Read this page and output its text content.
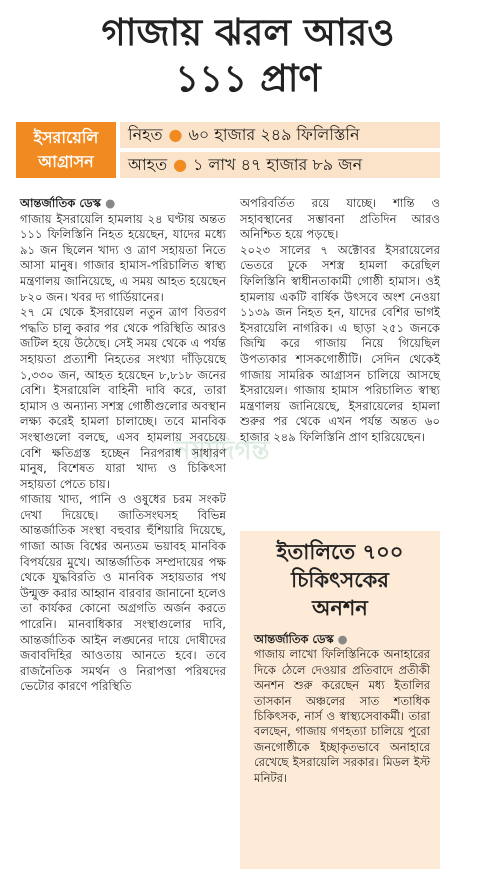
গাজায় ঝরল আরও
১১১ প্রাণ
ইসরায়েলি
আগ্রাসন
নিহত ● ৬০ হাজার ২৪৯ ফিলিস্তিনি
আহত ● ১ লাখ ৪৭ হাজার ৮৯ জন
নয়াদিগন্ত

আন্তর্জাতিক ডেস্ক ●

গাজায় ইসরায়েলি হামলায় ২৪ ঘণ্টায় অন্তত ১১১ ফিলিস্তিনি নিহত হয়েছেন, যাদের মধ্যে ৯১ জন ছিলেন খাদ্য ও ত্রাণ সহায়তা নিতে আসা মানুষ। গাজার হামাস-পরিচালিত স্বাস্থ্য মন্ত্রণালয় জানিয়েছে, এ সময় আহত হয়েছেন ৮২০ জন। খবর দ্য গার্ডিয়ানের।

২৭ মে থেকে ইসরায়েল নতুন ত্রাণ বিতরণ পদ্ধতি চালু করার পর থেকে পরিস্থিতি আরও জটিল হয়ে উঠেছে। সেই সময় থেকে এ পর্যন্ত সহায়তা প্রত্যাশী নিহতের সংখ্যা দাঁড়িয়েছে ১,৩৩০ জন, আহত হয়েছেন ৮,৮১৮ জনের বেশি। ইসরায়েলি বাহিনী দাবি করে, তারা হামাস ও অন্যান্য সশস্ত্র গোষ্ঠীগুলোর অবস্থান লক্ষ্য করেই হামলা চালাচ্ছে। তবে মানবিক সংস্থাগুলো বলছে, এসব হামলায় সবচেয়ে বেশি ক্ষতিগ্রস্ত হচ্ছেন নিরপরাধ সাধারণ মানুষ, বিশেষত যারা খাদ্য ও চিকিৎসা সহায়তা পেতে চায়।

গাজায় খাদ্য, পানি ও ওষুধের চরম সংকট দেখা দিয়েছে। জাতিসংঘসহ বিভিন্ন আন্তর্জাতিক সংস্থা বহুবার হুঁশিয়ারি দিয়েছে, গাজা আজ বিশ্বের অন্যতম ভয়াবহ মানবিক বিপর্যয়ের মুখে। আন্তর্জাতিক সম্প্রদায়ের পক্ষ থেকে যুদ্ধবিরতি ও মানবিক সহায়তার পথ উন্মুক্ত করার আহ্বান বারবার জানানো হলেও তা কার্যকর কোনো অগ্রগতি অর্জন করতে পারেনি। মানবাধিকার সংস্থাগুলোর দাবি, আন্তর্জাতিক আইন লঙ্ঘনের দায়ে দোষীদের জবাবদিহির আওতায় আনতে হবে। তবে রাজনৈতিক সমর্থন ও নিরাপত্তা পরিষদের ভেটোর কারণে পরিস্থিতি

অপরিবর্তিত রয়ে যাচ্ছে। শান্তি ও সহাবস্থানের সম্ভাবনা প্রতিদিন আরও অনিশ্চিত হয়ে পড়ছে।

২০২৩ সালের ৭ অক্টোবর ইসরায়েলের ভেতরে ঢুকে সশস্ত্র হামলা করেছিল ফিলিস্তিনি স্বাধীনতাকামী গোষ্ঠী হামাস। ওই হামলায় একটি বার্ষিক উৎসবে অংশ নেওয়া ১১৩৯ জন নিহত হন, যাদের বেশির ভাগই ইসরায়েলি নাগরিক। এ ছাড়া ২৫১ জনকে জিম্মি করে গাজায় নিয়ে গিয়েছিল উপত্যকার শাসকগোষ্ঠীটি। সেদিন থেকেই গাজায় সামরিক আগ্রাসন চালিয়ে আসছে ইসরায়েল। গাজায় হামাস পরিচালিত স্বাস্থ্য মন্ত্রণালয় জানিয়েছে, ইসরায়েলের হামলা শুরুর পর থেকে এখন পর্যন্ত অন্তত ৬০ হাজার ২৪৯ ফিলিস্তিনি প্রাণ হারিয়েছেন।

ইতালিতে ৭০০
চিকিৎসকের
অনশন

আন্তর্জাতিক ডেস্ক ●

গাজায় লাখো ফিলিস্তিনিকে অনাহারের দিকে ঠেলে দেওয়ার প্রতিবাদে প্রতীকী অনশন শুরু করেছেন মধ্য ইতালির তাসকান অঞ্চলের সাত শতাধিক চিকিৎসক, নার্স ও স্বাস্থ্যসেবাকর্মী। তারা বলছেন, গাজায় গণহত্যা চালিয়ে পুরো জনগোষ্ঠীকে ইচ্ছাকৃতভাবে অনাহারে রেখেছে ইসরায়েলি সরকার। মিডল ইস্ট মনিটর।
